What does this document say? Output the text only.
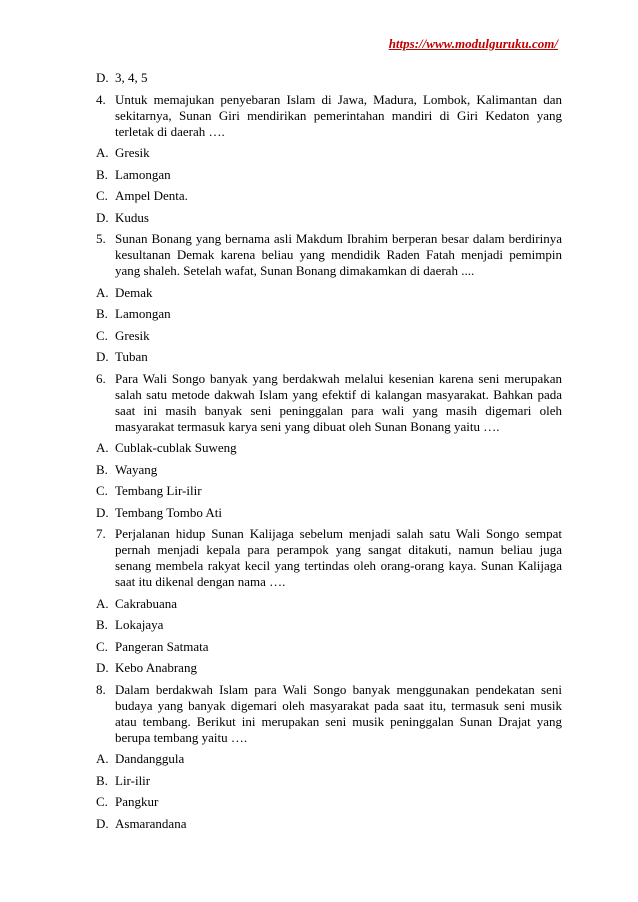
https://www.modulguruku.com/
D. 3, 4, 5
4. Untuk memajukan penyebaran Islam di Jawa, Madura, Lombok, Kalimantan dan sekitarnya, Sunan Giri mendirikan pemerintahan mandiri di Giri Kedaton yang terletak di daerah ….
A. Gresik
B. Lamongan
C. Ampel Denta.
D. Kudus
5. Sunan Bonang yang bernama asli Makdum Ibrahim berperan besar dalam berdirinya kesultanan Demak karena beliau yang mendidik Raden Fatah menjadi pemimpin yang shaleh. Setelah wafat, Sunan Bonang dimakamkan di daerah ....
A. Demak
B. Lamongan
C. Gresik
D. Tuban
6. Para Wali Songo banyak yang berdakwah melalui kesenian karena seni merupakan salah satu metode dakwah Islam yang efektif di kalangan masyarakat. Bahkan pada saat ini masih banyak seni peninggalan para wali yang masih digemari oleh masyarakat termasuk karya seni yang dibuat oleh Sunan Bonang yaitu ….
A. Cublak-cublak Suweng
B. Wayang
C. Tembang Lir-ilir
D. Tembang Tombo Ati
7. Perjalanan hidup Sunan Kalijaga sebelum menjadi salah satu Wali Songo sempat pernah menjadi kepala para perampok yang sangat ditakuti, namun beliau juga senang membela rakyat kecil yang tertindas oleh orang-orang kaya. Sunan Kalijaga saat itu dikenal dengan nama ….
A. Cakrabuana
B. Lokajaya
C. Pangeran Satmata
D. Kebo Anabrang
8. Dalam berdakwah Islam para Wali Songo banyak menggunakan pendekatan seni budaya yang banyak digemari oleh masyarakat pada saat itu, termasuk seni musik atau tembang. Berikut ini merupakan seni musik peninggalan Sunan Drajat yang berupa tembang yaitu ….
A. Dandanggula
B. Lir-ilir
C. Pangkur
D. Asmarandana
